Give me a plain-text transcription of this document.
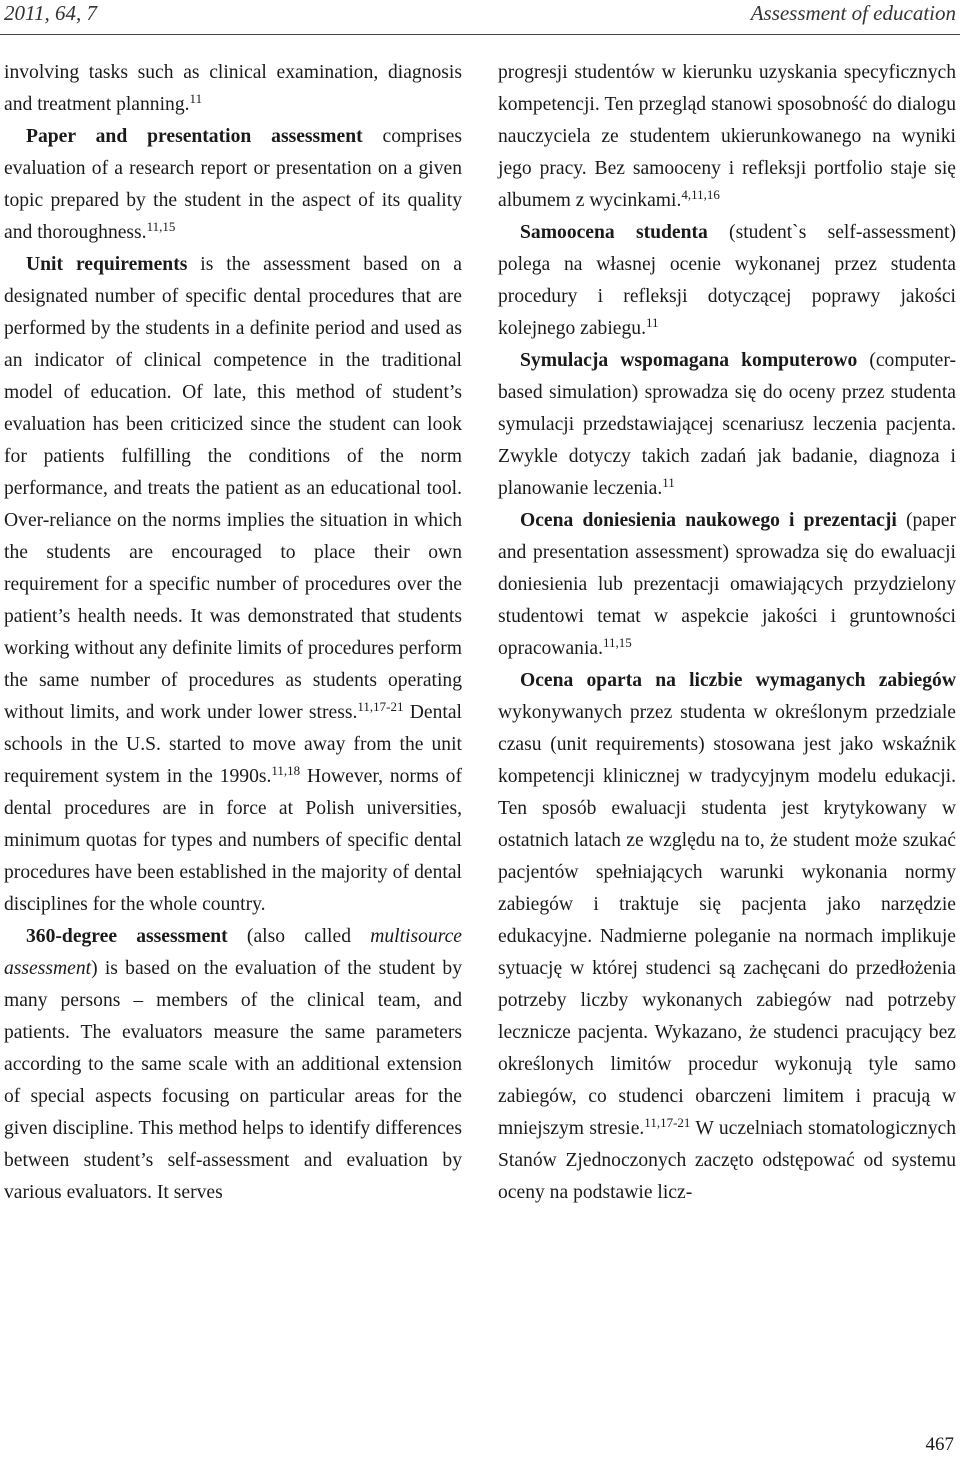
2011, 64, 7	Assessment of education

involving tasks such as clinical examination, diagnosis and treatment planning.$^{11}$

Paper and presentation assessment comprises evaluation of a research report or presentation on a given topic prepared by the student in the aspect of its quality and thoroughness.$^{11,15}$

Unit requirements is the assessment based on a designated number of specific dental procedures that are performed by the students in a definite period and used as an indicator of clinical competence in the traditional model of education. Of late, this method of student’s evaluation has been criticized since the student can look for patients fulfilling the conditions of the norm performance, and treats the patient as an educational tool. Over-reliance on the norms implies the situation in which the students are encouraged to place their own requirement for a specific number of procedures over the patient’s health needs. It was demonstrated that students working without any definite limits of procedures perform the same number of procedures as students operating without limits, and work under lower stress.$^{11,17-21}$ Dental schools in the U.S. started to move away from the unit requirement system in the 1990s.$^{11,18}$ However, norms of dental procedures are in force at Polish universities, minimum quotas for types and numbers of specific dental procedures have been established in the majority of dental disciplines for the whole country.

360-degree assessment (also called multisource assessment) is based on the evaluation of the student by many persons – members of the clinical team, and patients. The evaluators measure the same parameters according to the same scale with an additional extension of special aspects focusing on particular areas for the given discipline. This method helps to identify differences between student’s self-assessment and evaluation by various evaluators. It serves

progresji studentów w kierunku uzyskania specyficznych kompetencji. Ten przegląd stanowi sposobność do dialogu nauczyciela ze studentem ukierunkowanego na wyniki jego pracy. Bez samooceny i refleksji portfolio staje się albumem z wycinkami.$^{4,11,16}$

Samoocena studenta (student`s self-assessment) polega na własnej ocenie wykonanej przez studenta procedury i refleksji dotyczącej poprawy jakości kolejnego zabiegu.$^{11}$

Symulacja wspomagana komputerowo (computer-based simulation) sprowadza się do oceny przez studenta symulacji przedstawiającej scenariusz leczenia pacjenta. Zwykle dotyczy takich zadań jak badanie, diagnoza i planowanie leczenia.$^{11}$

Ocena doniesienia naukowego i prezentacji (paper and presentation assessment) sprowadza się do ewaluacji doniesienia lub prezentacji omawiających przydzielony studentowi temat w aspekcie jakości i gruntowności opracowania.$^{11,15}$

Ocena oparta na liczbie wymaganych zabiegów wykonywanych przez studenta w określonym przedziale czasu (unit requirements) stosowana jest jako wskaźnik kompetencji klinicznej w tradycyjnym modelu edukacji. Ten sposób ewaluacji studenta jest krytykowany w ostatnich latach ze względu na to, że student może szukać pacjentów spełniających warunki wykonania normy zabiegów i traktuje się pacjenta jako narzędzie edukacyjne. Nadmierne poleganie na normach implikuje sytuację w której studenci są zachęcani do przedłożenia potrzeby liczby wykonanych zabiegów nad potrzeby lecznicze pacjenta. Wykazano, że studenci pracujący bez określonych limitów procedur wykonują tyle samo zabiegów, co studenci obarczeni limitem i pracują w mniejszym stresie.$^{11,17-21}$ W uczelniach stomatologicznych Stanów Zjednoczonych zaczęto odstępować od systemu oceny na podstawie licz-

467
